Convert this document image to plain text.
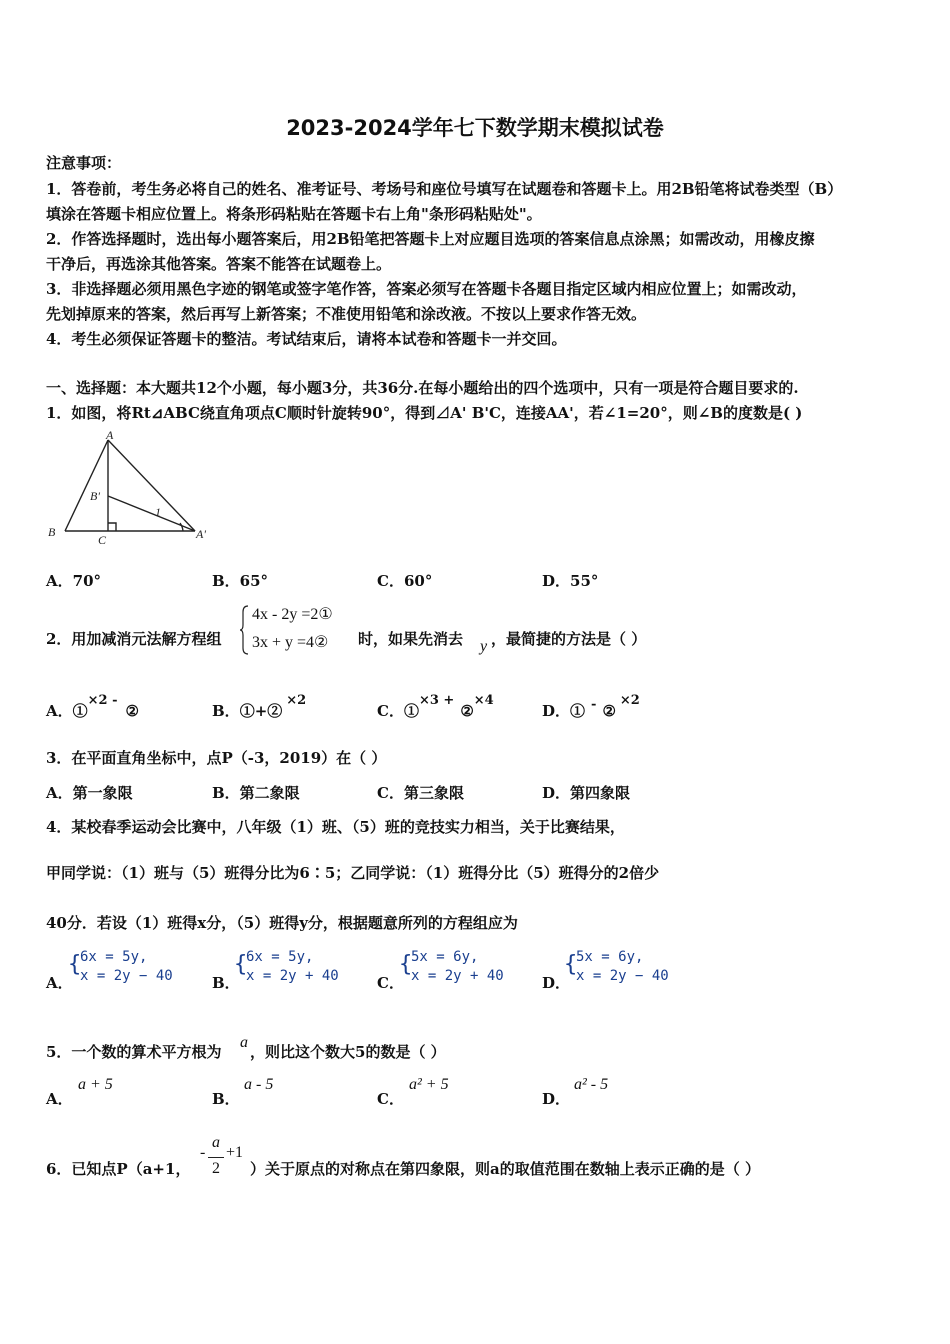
2023-2024学年七下数学期末模拟试卷
注意事项：
1．答卷前，考生务必将自己的姓名、准考证号、考场号和座位号填写在试题卷和答题卡上。用2B铅笔将试卷类型（B）
填涂在答题卡相应位置上。将条形码粘贴在答题卡右上角"条形码粘贴处"。
2．作答选择题时，选出每小题答案后，用2B铅笔把答题卡上对应题目选项的答案信息点涂黑；如需改动，用橡皮擦
干净后，再选涂其他答案。答案不能答在试题卷上。
3．非选择题必须用黑色字迹的钢笔或签字笔作答，答案必须写在答题卡各题目指定区域内相应位置上；如需改动，
先划掉原来的答案，然后再写上新答案；不准使用铅笔和涂改液。不按以上要求作答无效。
4．考生必须保证答题卡的整洁。考试结束后，请将本试卷和答题卡一并交回。
一、选择题：本大题共12个小题，每小题3分，共36分.在每小题给出的四个选项中，只有一项是符合题目要求的.
1．如图，将Rt⊿ABC绕直角项点C顺时针旋转90°，得到⊿A' B'C，连接AA'，若∠1=20°，则∠B的度数是( )
A
B
C
B'
A'
1
A．70°	B．65°	C．60°	D．55°
2．用加减消元法解方程组
4x - 2y =2①
3x + y =4② 时，如果先消去 y ，最简捷的方法是（ ）
A．①×2 -②	B．①+②×2
C．①×3 +②×4
D．① - ②×2
3．在平面直角坐标中，点P（-3，2019）在（ ）
A．第一象限	B．第二象限	C．第三象限	D．第四象限
4．某校春季运动会比赛中，八年级（1）班、（5）班的竞技实力相当，关于比赛结果，
甲同学说：（1）班与（5）班得分比为6∶5；乙同学说：（1）班得分比（5）班得分的2倍少
40分．若设（1）班得x分，（5）班得y分，根据题意所列的方程组应为
A．
{
6x = 5y,
x = 2y − 40	B．
{
6x = 5y,
x = 2y + 40	C．
{
5x = 6y,
x = 2y + 40	D．
{
5x = 6y,
x = 2y − 40
5．一个数的算术平方根为
a
，则比这个数大5的数是（ ）
A．
a + 5
B．
a - 5
C．
a² + 5
D．
a² - 5
6．已知点P（a+1，
-
a
2
+1
）关于原点的对称点在第四象限，则a的取值范围在数轴上表示正确的是（ ）
